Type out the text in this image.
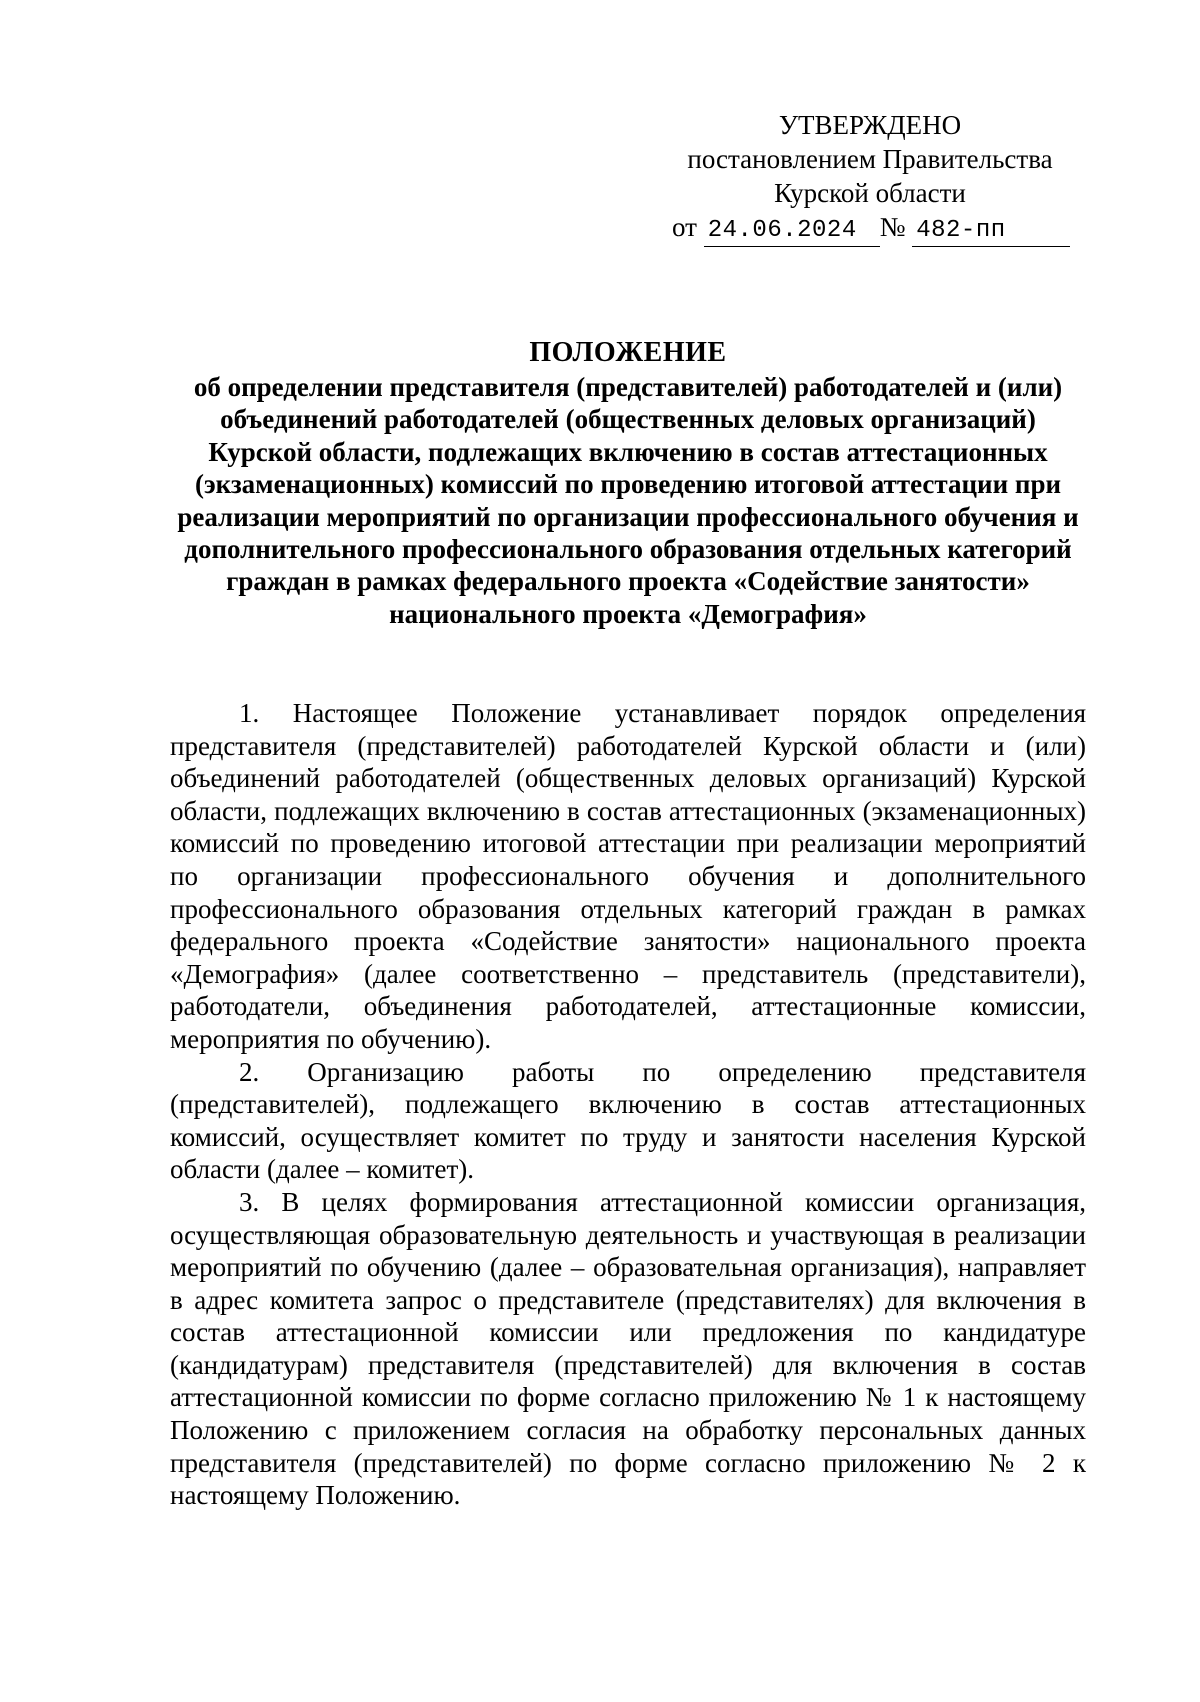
УТВЕРЖДЕНО
постановлением Правительства
Курской области
от 24.06.2024 № 482-пп
ПОЛОЖЕНИЕ
об определении представителя (представителей) работодателей и (или) объединений работодателей (общественных деловых организаций) Курской области, подлежащих включению в состав аттестационных (экзаменационных) комиссий по проведению итоговой аттестации при реализации мероприятий по организации профессионального обучения и дополнительного профессионального образования отдельных категорий граждан в рамках федерального проекта «Содействие занятости» национального проекта «Демография»

1. Настоящее Положение устанавливает порядок определения представителя (представителей) работодателей Курской области и (или) объединений работодателей (общественных деловых организаций) Курской области, подлежащих включению в состав аттестационных (экзаменационных) комиссий по проведению итоговой аттестации при реализации мероприятий по организации профессионального обучения и дополнительного профессионального образования отдельных категорий граждан в рамках федерального проекта «Содействие занятости» национального проекта «Демография» (далее соответственно – представитель (представители), работодатели, объединения работодателей, аттестационные комиссии, мероприятия по обучению).

2. Организацию работы по определению представителя (представителей), подлежащего включению в состав аттестационных комиссий, осуществляет комитет по труду и занятости населения Курской области (далее – комитет).

3. В целях формирования аттестационной комиссии организация, осуществляющая образовательную деятельность и участвующая в реализации мероприятий по обучению (далее – образовательная организация), направляет в адрес комитета запрос о представителе (представителях) для включения в состав аттестационной комиссии или предложения по кандидатуре (кандидатурам) представителя (представителей) для включения в состав аттестационной комиссии по форме согласно приложению № 1 к настоящему Положению с приложением согласия на обработку персональных данных представителя (представителей) по форме согласно приложению № 2 к настоящему Положению.
